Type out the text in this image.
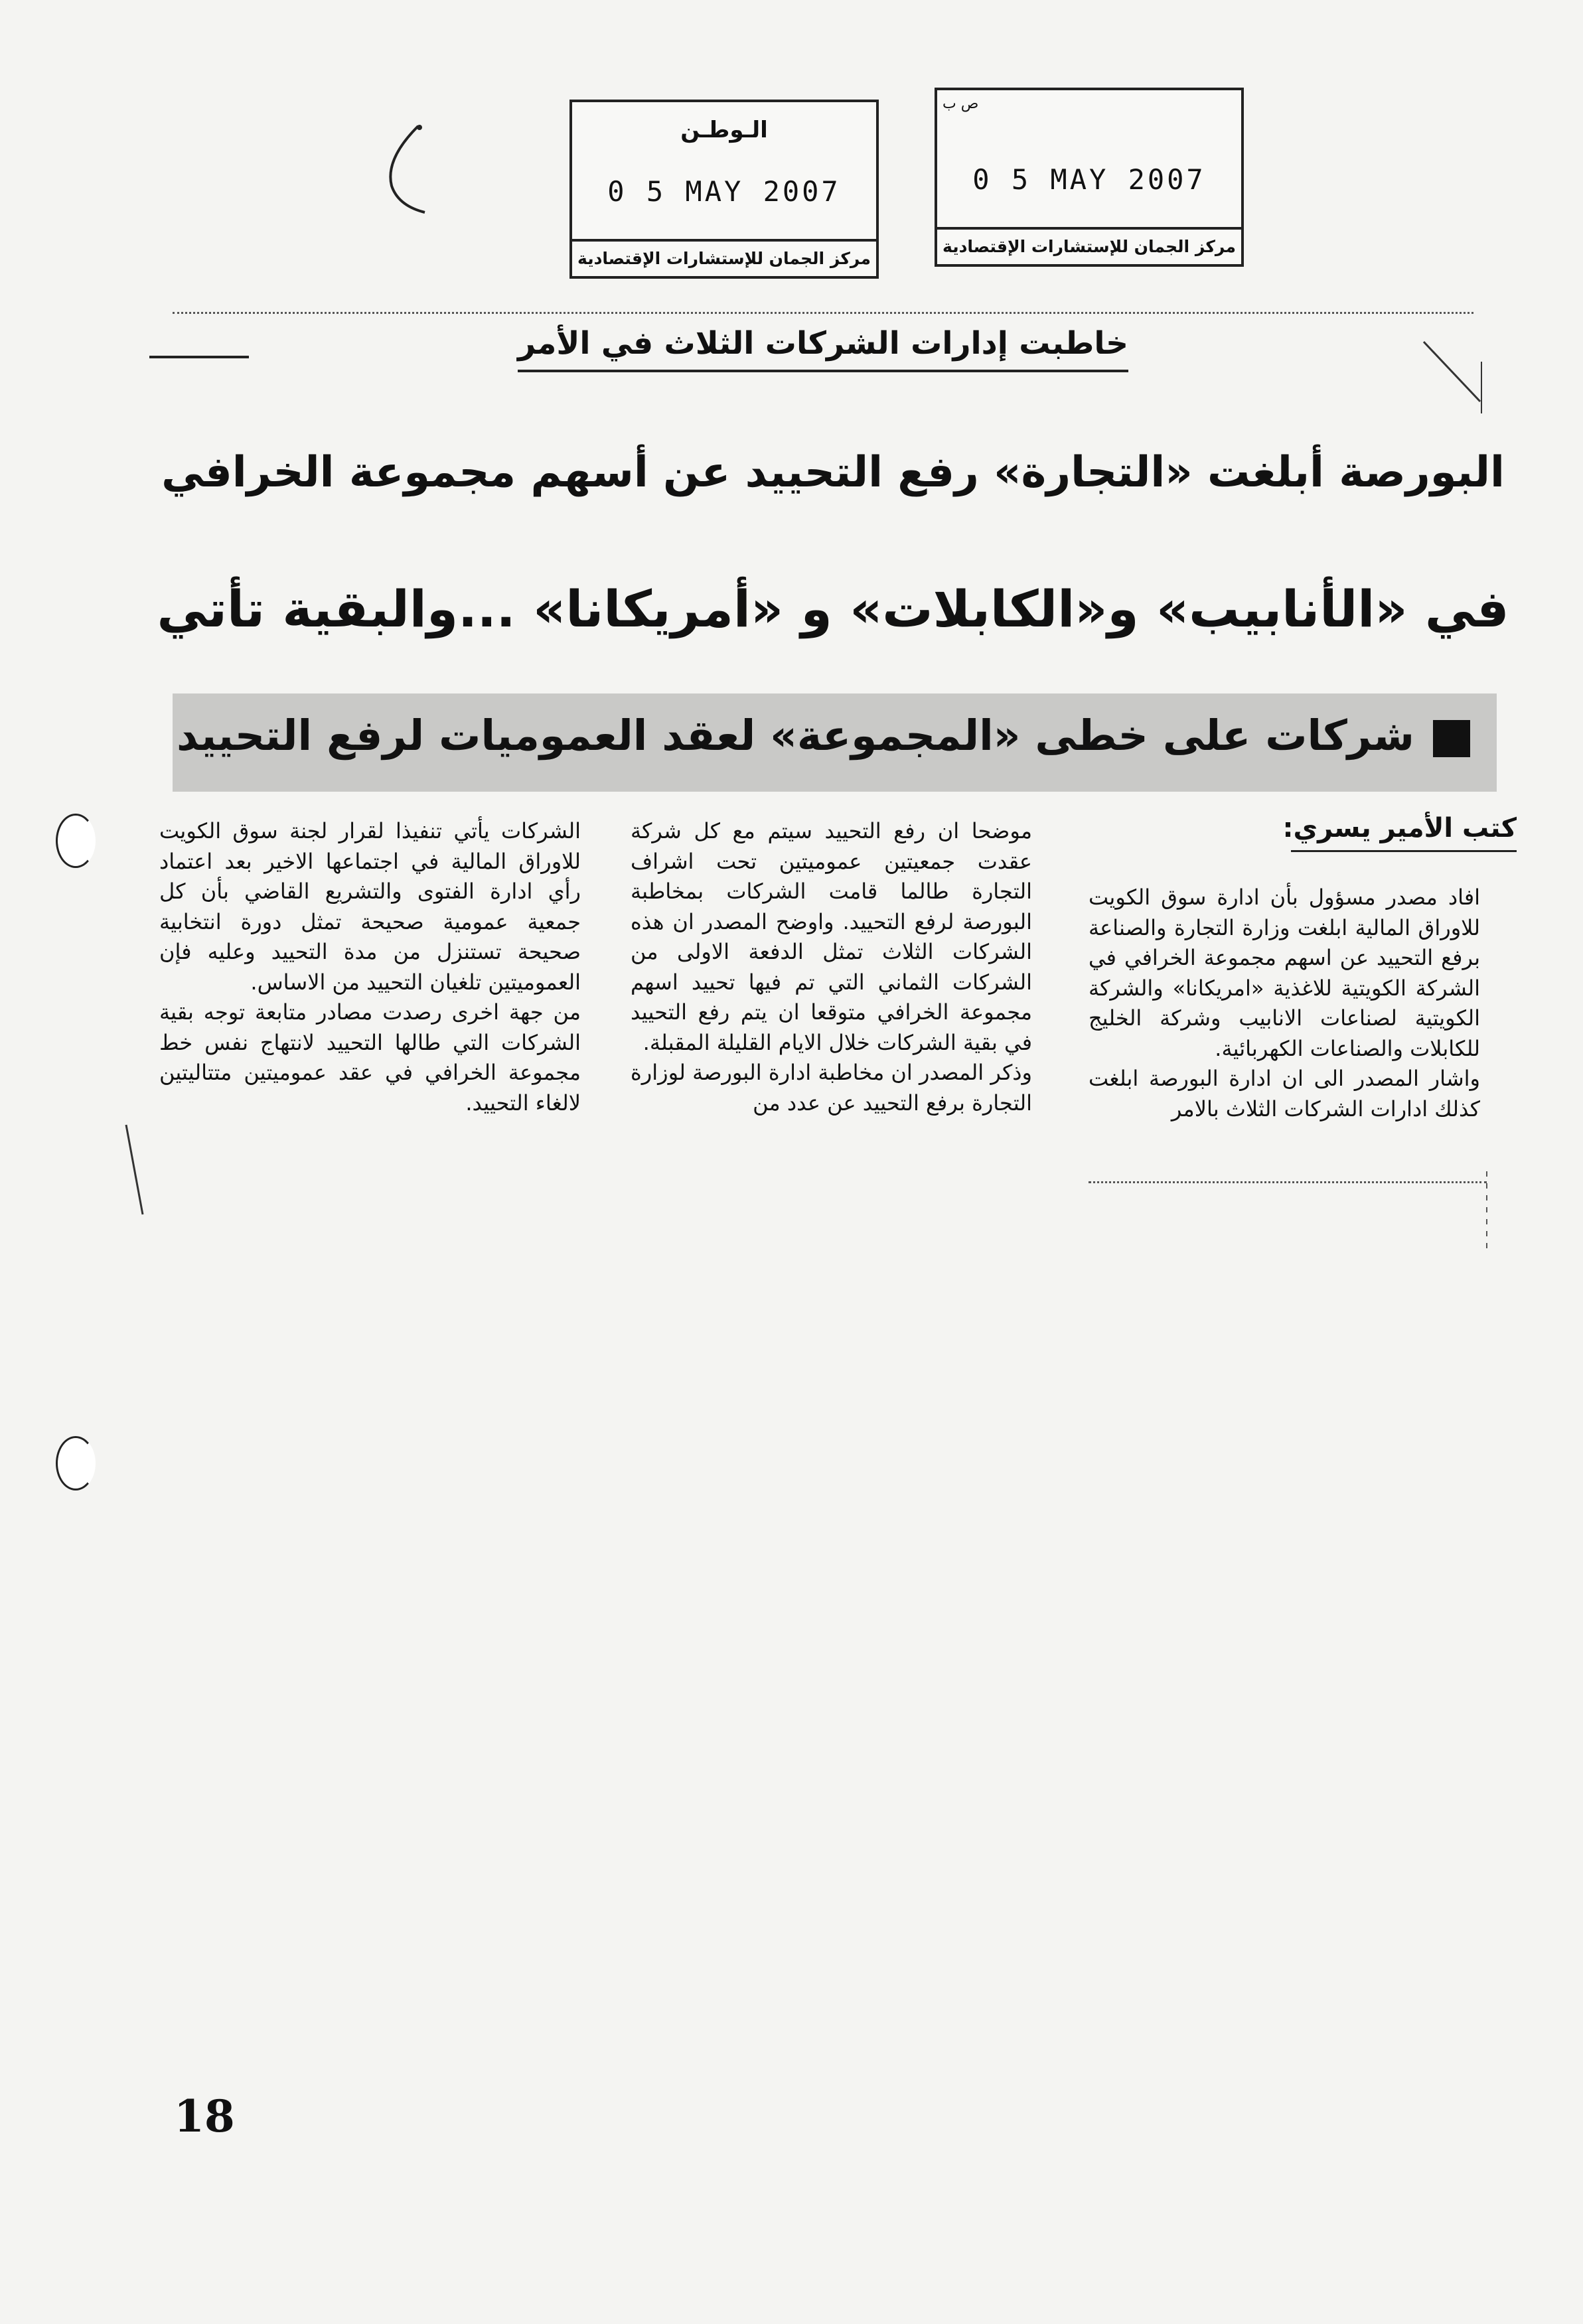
الـوطـن
0 5 MAY 2007
مركز الجمان للإستشارات الإقتصادية
ص ب
0 5 MAY 2007
مركز الجمان للإستشارات الإقتصادية
خاطبت إدارات الشركات الثلاث في الأمر
البورصة أبلغت «التجارة» رفع التحييد عن أسهم مجموعة الخرافي
في «الأنابيب» و«الكابلات» و «أمريكانا» ...والبقية تأتي
شركات على خطى «المجموعة» لعقد العموميات لرفع التحييد
كتب الأمير يسري:

افاد مصدر مسؤول بأن ادارة سوق الكويت للاوراق المالية ابلغت وزارة التجارة والصناعة برفع التحييد عن اسهم مجموعة الخرافي في الشركة الكويتية للاغذية «امريكانا» والشركة الكويتية لصناعات الانابيب وشركة الخليج للكابلات والصناعات الكهربائية.

واشار المصدر الى ان ادارة البورصة ابلغت كذلك ادارات الشركات الثلاث بالامر

موضحا ان رفع التحييد سيتم مع كل شركة عقدت جمعيتين عموميتين تحت اشراف التجارة طالما قامت الشركات بمخاطبة البورصة لرفع التحييد. واوضح المصدر ان هذه الشركات الثلاث تمثل الدفعة الاولى من الشركات الثماني التي تم فيها تحييد اسهم مجموعة الخرافي متوقعا ان يتم رفع التحييد في بقية الشركات خلال الايام القليلة المقبلة.

وذكر المصدر ان مخاطبة ادارة البورصة لوزارة التجارة برفع التحييد عن عدد من

الشركات يأتي تنفيذا لقرار لجنة سوق الكويت للاوراق المالية في اجتماعها الاخير بعد اعتماد رأي ادارة الفتوى والتشريع القاضي بأن كل جمعية عمومية صحيحة تمثل دورة انتخابية صحيحة تستنزل من مدة التحييد وعليه فإن العموميتين تلغيان التحييد من الاساس.

من جهة اخرى رصدت مصادر متابعة توجه بقية الشركات التي طالها التحييد لانتهاج نفس خط مجموعة الخرافي في عقد عموميتين متتاليتين لالغاء التحييد.

18
